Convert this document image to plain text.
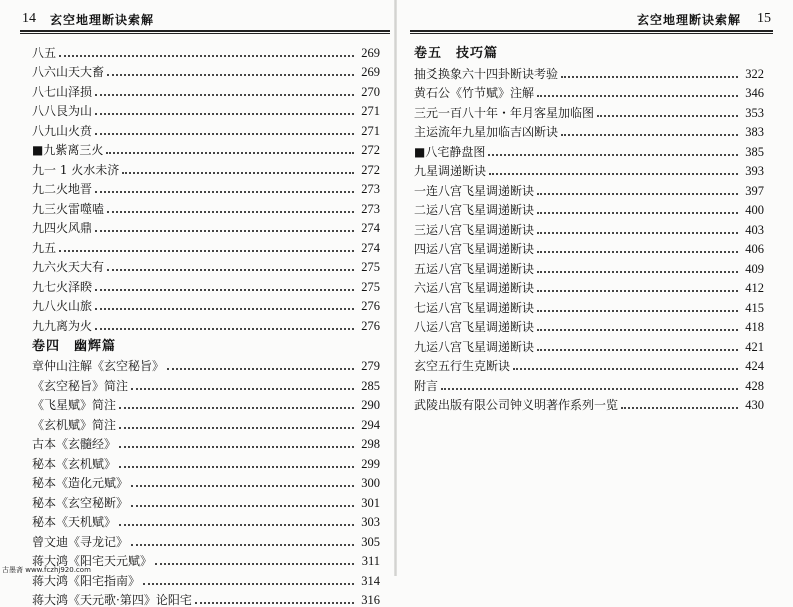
14 玄空地理断诀索解
八五	269
八六山天大畜	269
八七山泽损	270
八八艮为山	271
八九山火贲	271
■九紫离三火	272
九一 1 火水未济	272
九二火地晋	273
九三火雷噬嗑	273
九四火风鼎	274
九五	274
九六火天大有	275
九七火泽睽	275
九八火山旅	276
九九离为火	276
卷四 幽辉篇
章仲山注解《玄空秘旨》	279
《玄空秘旨》简注	285
《飞星赋》简注	290
《玄机赋》简注	294
古本《玄髓经》	298
秘本《玄机赋》	299
秘本《造化元赋》	300
秘本《玄空秘断》	301
秘本《天机赋》	303
曾文迪《寻龙记》	305
蒋大鸿《阳宅天元赋》	311
蒋大鸿《阳宅指南》	314
蒋大鸿《天元歌·第四》论阳宅	316
古墨斋 www.fczhj920.com
玄空地理断诀索解 15
卷五 技巧篇
抽爻换象六十四卦断诀考验	322
黄石公《竹节赋》注解	346
三元一百八十年・年月客星加临图	353
主运流年九星加临吉凶断诀	383
■八宅静盘图	385
九星调递断诀	393
一连八宫飞星调递断诀	397
二运八宫飞星调递断诀	400
三运八宫飞星调递断诀	403
四运八宫飞星调递断诀	406
五运八宫飞星调递断诀	409
六运八宫飞星调递断诀	412
七运八宫飞星调递断诀	415
八运八宫飞星调递断诀	418
九运八宫飞星调递断诀	421
玄空五行生克断诀	424
附言	428
武陵出版有限公司钟义明著作系列一览	430
